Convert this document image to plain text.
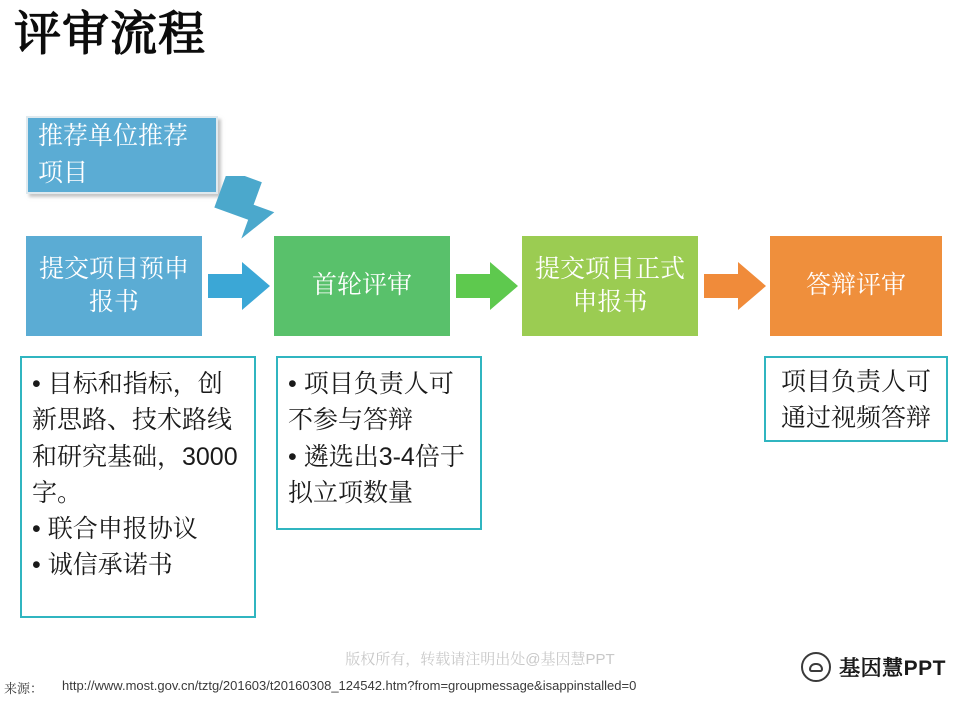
评审流程
推荐单位推荐项目
提交项目预申报书
首轮评审
提交项目正式申报书
答辩评审

• 目标和指标，创新思路、技术路线和研究基础，3000字。

• 联合申报协议

• 诚信承诺书

• 项目负责人可不参与答辩

• 遴选出3-4倍于拟立项数量

项目负责人可通过视频答辩

版权所有，转载请注明出处@基因慧PPT
来源： http://www.most.gov.cn/tztg/201603/t20160308_124542.htm?from=groupmessage&isappinstalled=0
基因慧PPT
